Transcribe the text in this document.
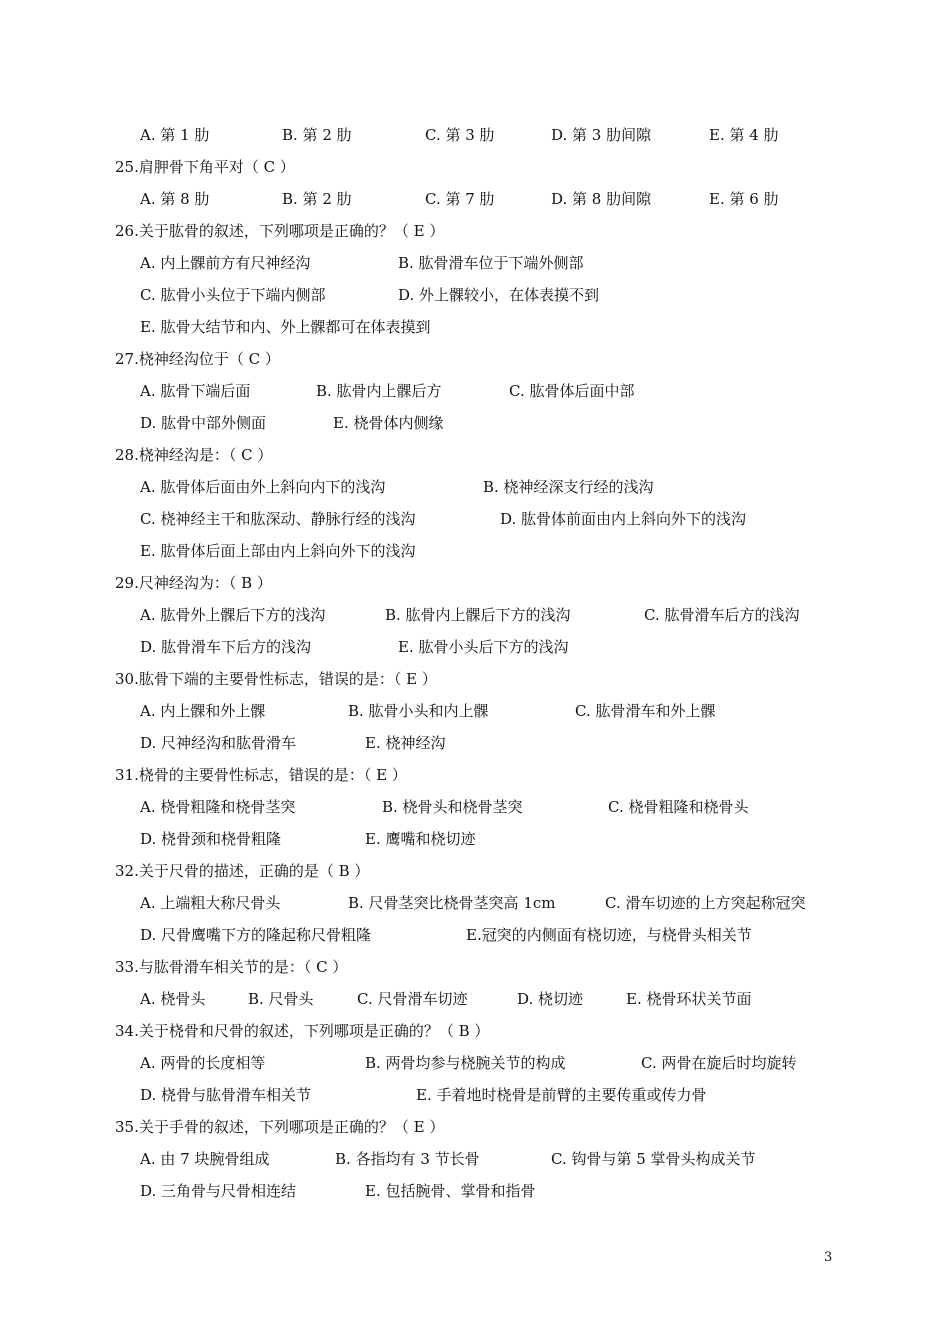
A. 第 1 肋	B. 第 2 肋	C. 第 3 肋	D. 第 3 肋间隙	E. 第 4 肋
25.肩胛骨下角平对（ C ）
A. 第 8 肋	B. 第 2 肋	C. 第 7 肋	D. 第 8 肋间隙	E. 第 6 肋
26.关于肱骨的叙述，下列哪项是正确的？（ E ）
A. 内上髁前方有尺神经沟	B. 肱骨滑车位于下端外侧部
C. 肱骨小头位于下端内侧部	D. 外上髁较小，在体表摸不到
E. 肱骨大结节和内、外上髁都可在体表摸到
27.桡神经沟位于（ C ）
A. 肱骨下端后面	B. 肱骨内上髁后方	C. 肱骨体后面中部
D. 肱骨中部外侧面	E. 桡骨体内侧缘
28.桡神经沟是：（ C ）
A. 肱骨体后面由外上斜向内下的浅沟	B. 桡神经深支行经的浅沟
C. 桡神经主干和肱深动、静脉行经的浅沟	D. 肱骨体前面由内上斜向外下的浅沟
E. 肱骨体后面上部由内上斜向外下的浅沟
29.尺神经沟为：（ B ）
A. 肱骨外上髁后下方的浅沟	B. 肱骨内上髁后下方的浅沟	C. 肱骨滑车后方的浅沟
D. 肱骨滑车下后方的浅沟	E. 肱骨小头后下方的浅沟
30.肱骨下端的主要骨性标志，错误的是：（ E ）
A. 内上髁和外上髁	B. 肱骨小头和内上髁	C. 肱骨滑车和外上髁
D. 尺神经沟和肱骨滑车	E. 桡神经沟
31.桡骨的主要骨性标志，错误的是：（ E ）
A. 桡骨粗隆和桡骨茎突	B. 桡骨头和桡骨茎突	C. 桡骨粗隆和桡骨头
D. 桡骨颈和桡骨粗隆	E. 鹰嘴和桡切迹
32.关于尺骨的描述，正确的是（ B ）
A. 上端粗大称尺骨头	B. 尺骨茎突比桡骨茎突高 1cm	C. 滑车切迹的上方突起称冠突
D. 尺骨鹰嘴下方的隆起称尺骨粗隆	E.冠突的内侧面有桡切迹，与桡骨头相关节
33.与肱骨滑车相关节的是：（ C ）
A. 桡骨头	B. 尺骨头	C. 尺骨滑车切迹	D. 桡切迹	E. 桡骨环状关节面
34.关于桡骨和尺骨的叙述，下列哪项是正确的？（ B ）
A. 两骨的长度相等	B. 两骨均参与桡腕关节的构成	C. 两骨在旋后时均旋转
D. 桡骨与肱骨滑车相关节	E. 手着地时桡骨是前臂的主要传重或传力骨
35.关于手骨的叙述，下列哪项是正确的？（ E ）
A. 由 7 块腕骨组成	B. 各指均有 3 节长骨	C. 钩骨与第 5 掌骨头构成关节
D. 三角骨与尺骨相连结	E. 包括腕骨、掌骨和指骨
3
